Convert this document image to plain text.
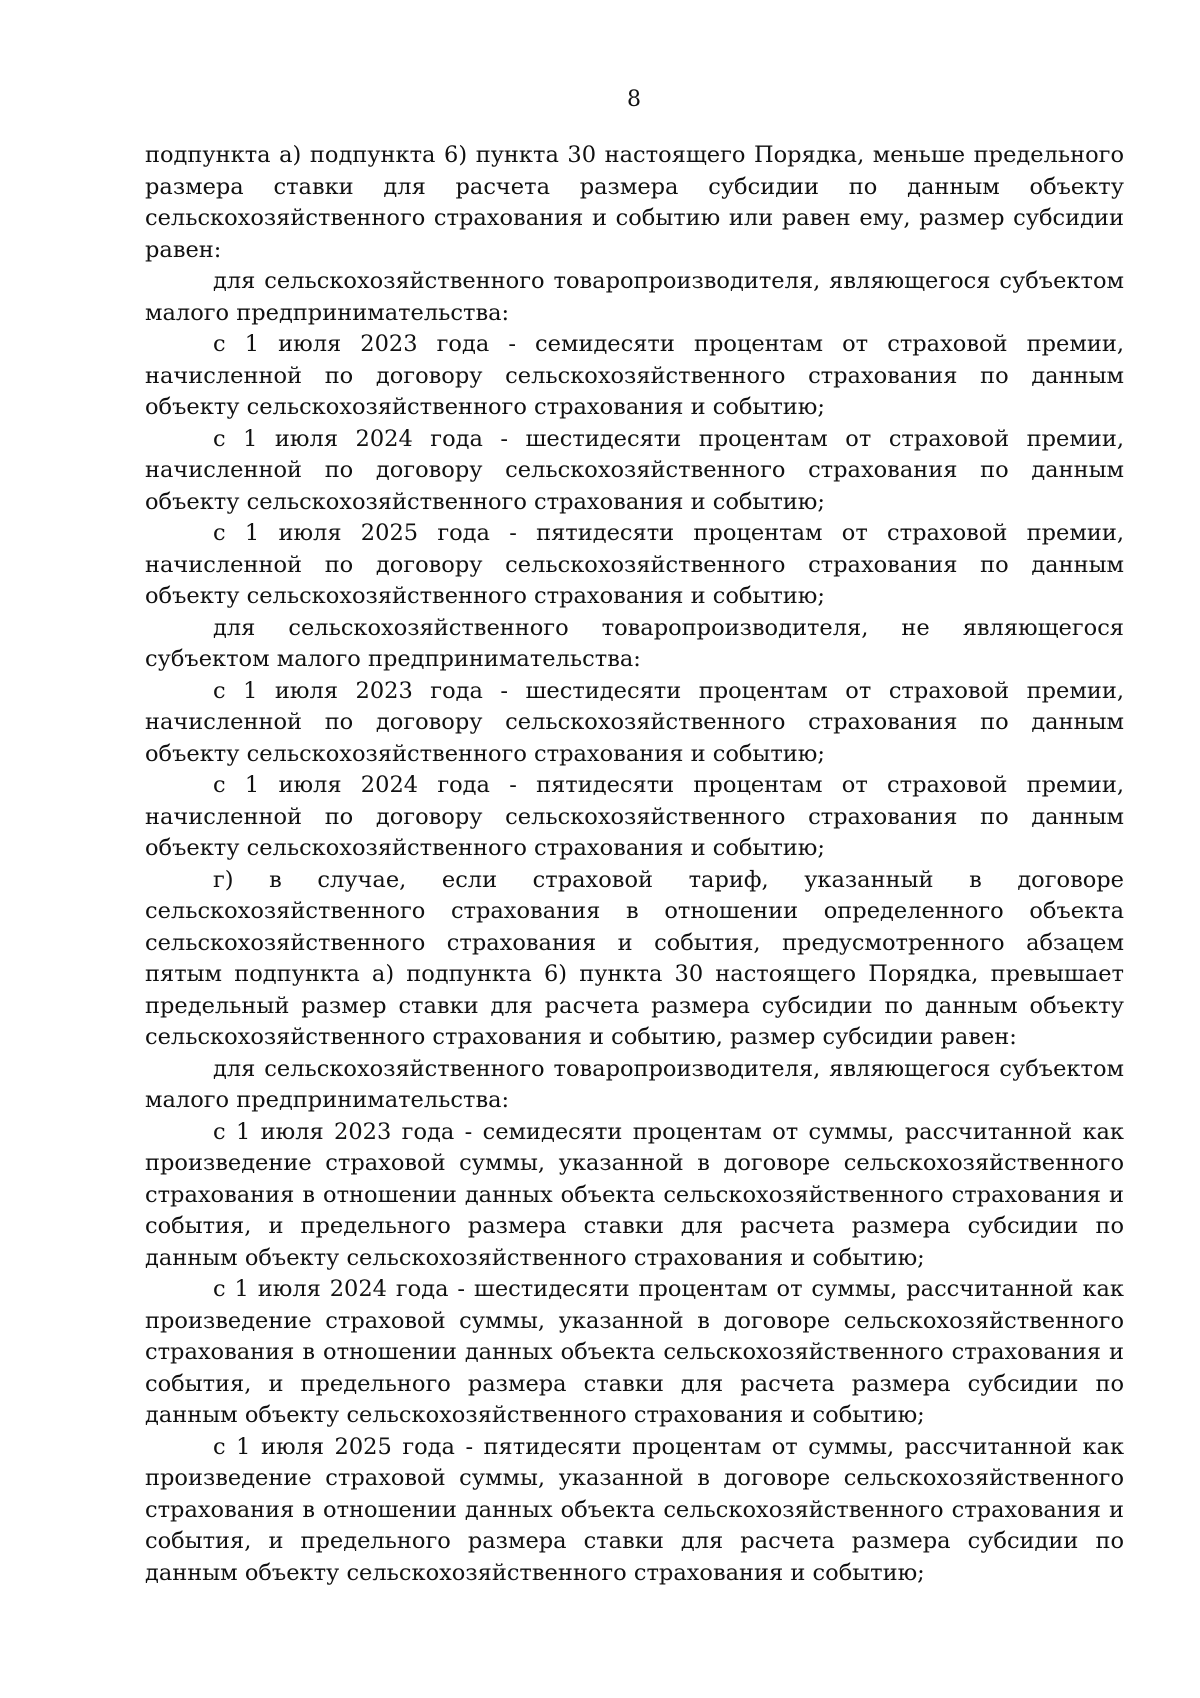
8

подпункта а) подпункта 6) пункта 30 настоящего Порядка, меньше предельного размера ставки для расчета размера субсидии по данным объекту сельскохозяйственного страхования и событию или равен ему, размер субсидии равен:

для сельскохозяйственного товаропроизводителя, являющегося субъектом малого предпринимательства:

с 1 июля 2023 года - семидесяти процентам от страховой премии, начисленной по договору сельскохозяйственного страхования по данным объекту сельскохозяйственного страхования и событию;

с 1 июля 2024 года - шестидесяти процентам от страховой премии, начисленной по договору сельскохозяйственного страхования по данным объекту сельскохозяйственного страхования и событию;

с 1 июля 2025 года - пятидесяти процентам от страховой премии, начисленной по договору сельскохозяйственного страхования по данным объекту сельскохозяйственного страхования и событию;

для сельскохозяйственного товаропроизводителя, не являющегося субъектом малого предпринимательства:

с 1 июля 2023 года - шестидесяти процентам от страховой премии, начисленной по договору сельскохозяйственного страхования по данным объекту сельскохозяйственного страхования и событию;

с 1 июля 2024 года - пятидесяти процентам от страховой премии, начисленной по договору сельскохозяйственного страхования по данным объекту сельскохозяйственного страхования и событию;

г) в случае, если страховой тариф, указанный в договоре сельскохозяйственного страхования в отношении определенного объекта сельскохозяйственного страхования и события, предусмотренного абзацем пятым подпункта а) подпункта 6) пункта 30 настоящего Порядка, превышает предельный размер ставки для расчета размера субсидии по данным объекту сельскохозяйственного страхования и событию, размер субсидии равен:

для сельскохозяйственного товаропроизводителя, являющегося субъектом малого предпринимательства:

с 1 июля 2023 года - семидесяти процентам от суммы, рассчитанной как произведение страховой суммы, указанной в договоре сельскохозяйственного страхования в отношении данных объекта сельскохозяйственного страхования и события, и предельного размера ставки для расчета размера субсидии по данным объекту сельскохозяйственного страхования и событию;

с 1 июля 2024 года - шестидесяти процентам от суммы, рассчитанной как произведение страховой суммы, указанной в договоре сельскохозяйственного страхования в отношении данных объекта сельскохозяйственного страхования и события, и предельного размера ставки для расчета размера субсидии по данным объекту сельскохозяйственного страхования и событию;

с 1 июля 2025 года - пятидесяти процентам от суммы, рассчитанной как произведение страховой суммы, указанной в договоре сельскохозяйственного страхования в отношении данных объекта сельскохозяйственного страхования и события, и предельного размера ставки для расчета размера субсидии по данным объекту сельскохозяйственного страхования и событию;
